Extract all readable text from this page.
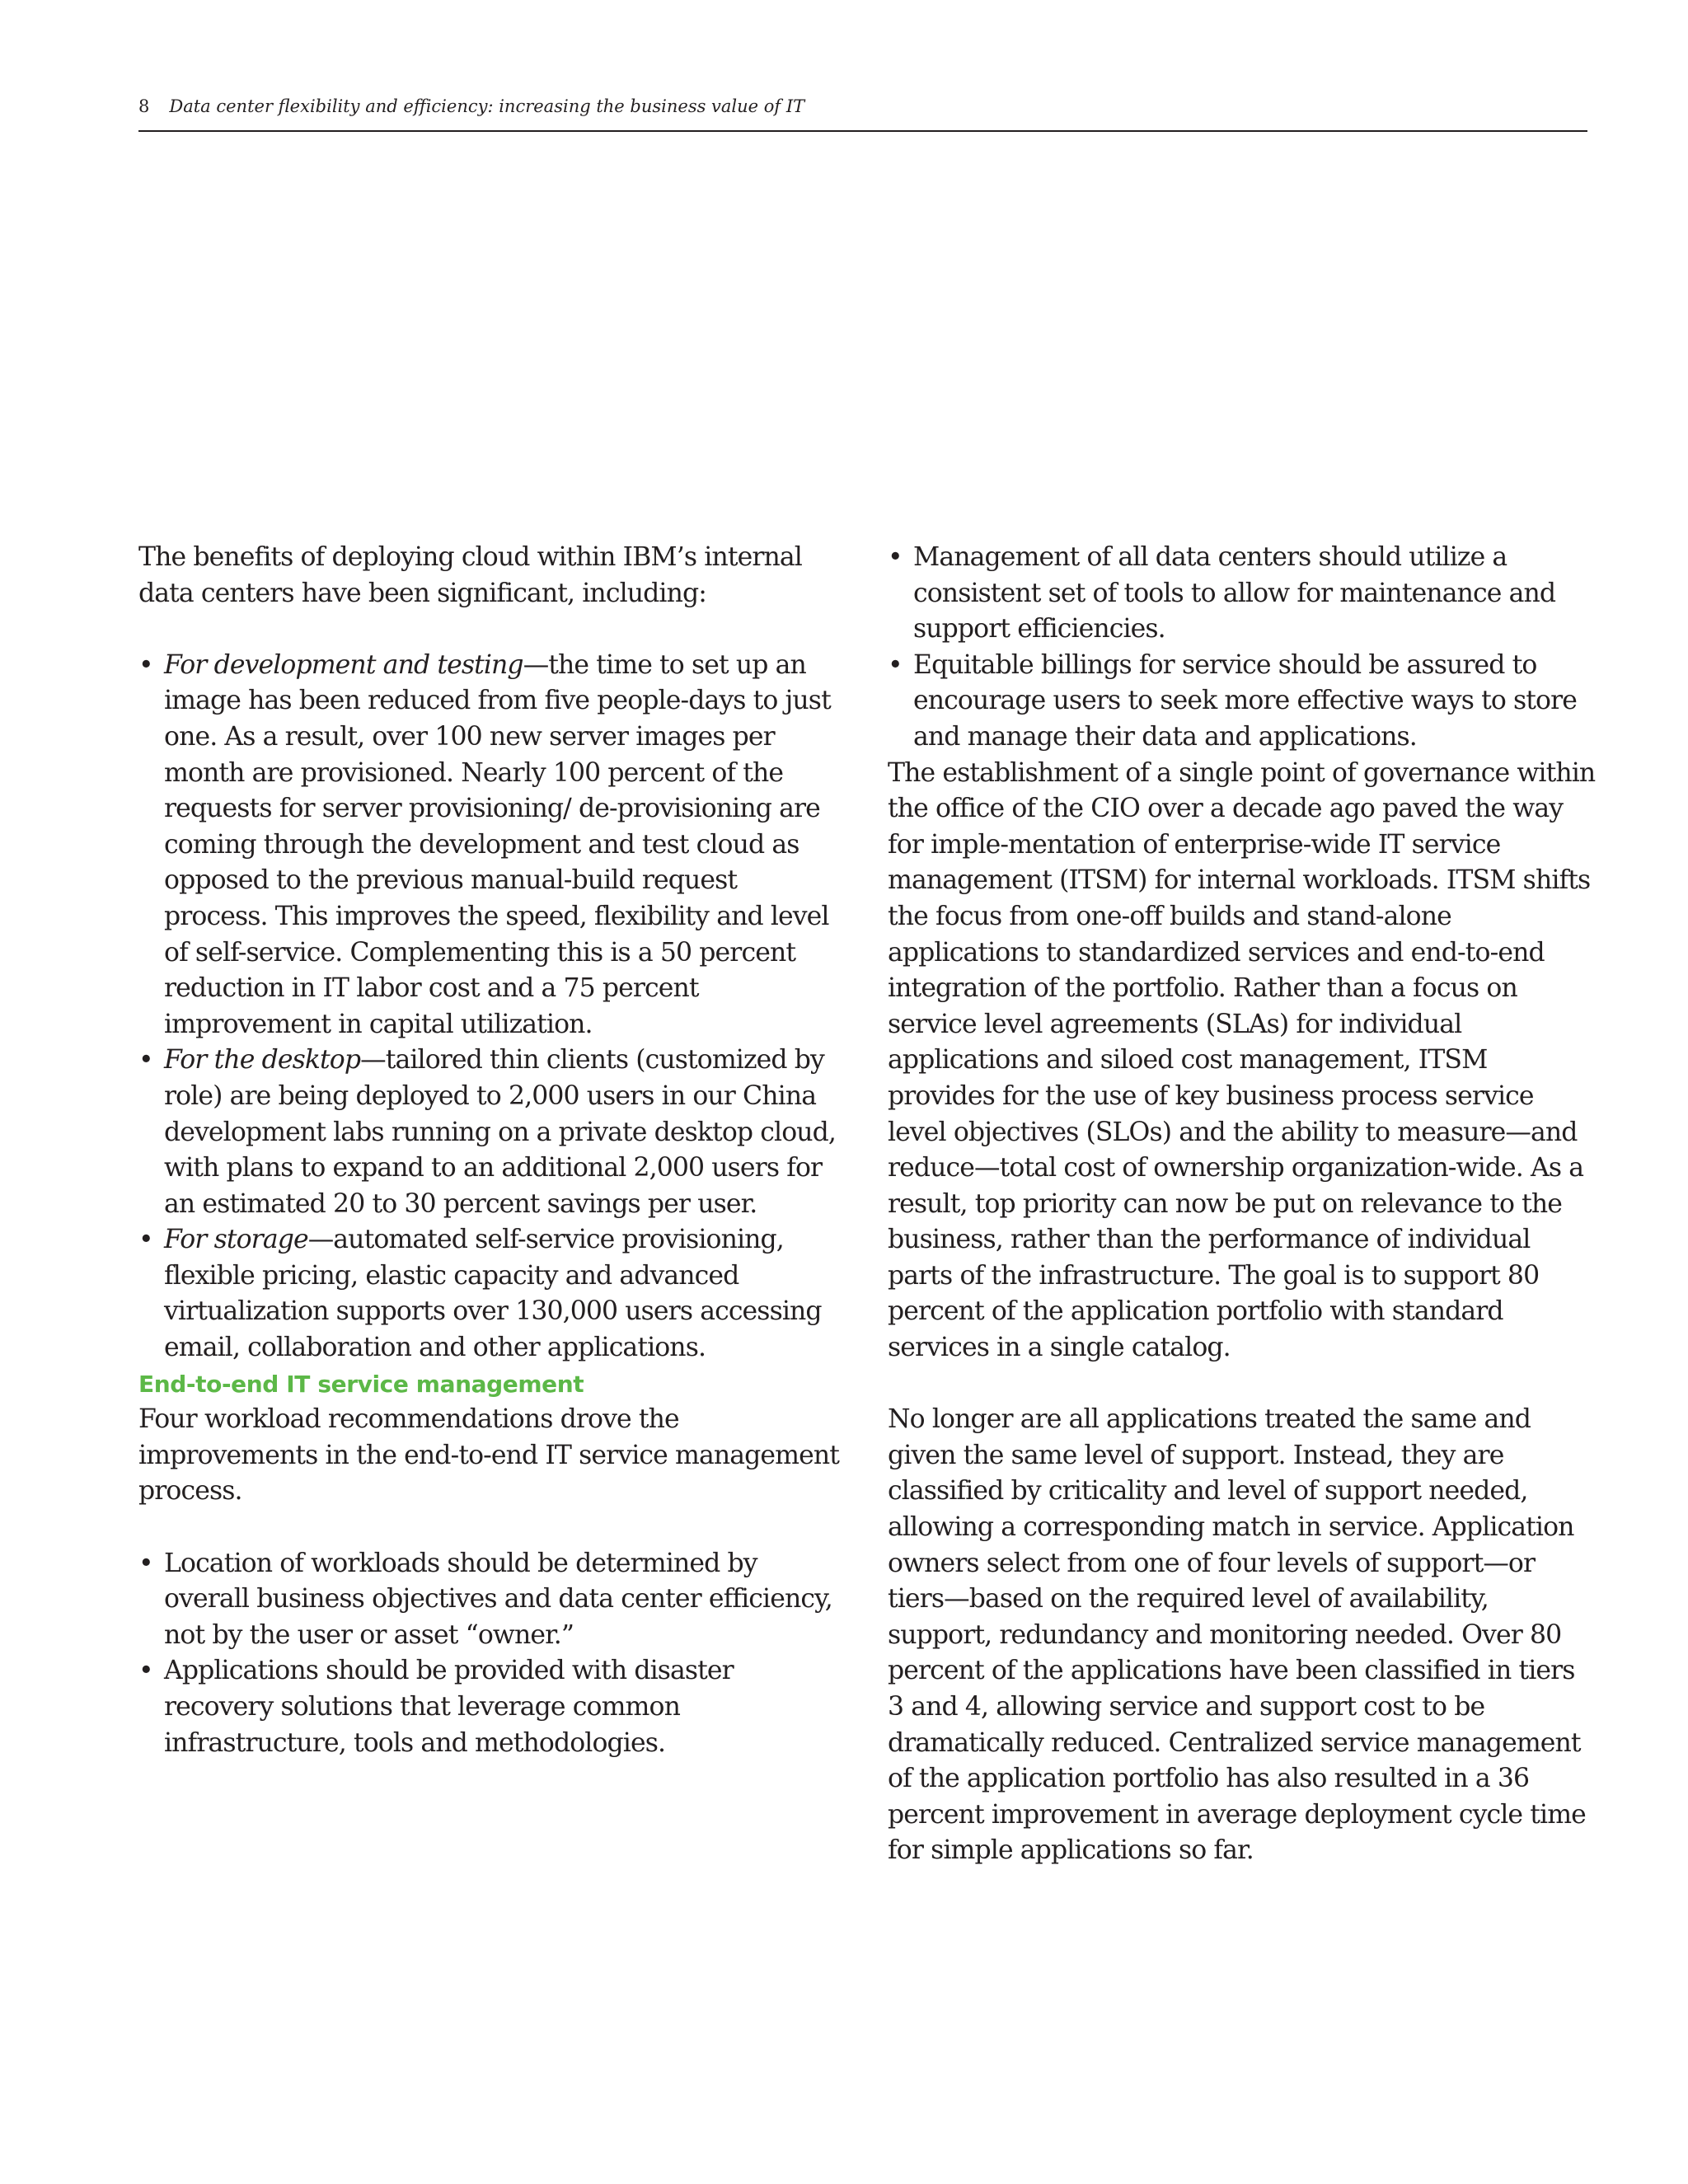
8 Data center flexibility and efficiency: increasing the business value of IT

The benefits of deploying cloud within IBM’s internal data centers have been significant, including:

• For development and testing—the time to set up an image has been reduced from five people-days to just one. As a result, over 100 new server images per month are provisioned. Nearly 100 percent of the requests for server provisioning/ de-provisioning are coming through the development and test cloud as opposed to the previous manual-build request process. This improves the speed, flexibility and level of self-service. Complementing this is a 50 percent reduction in IT labor cost and a 75 percent improvement in capital utilization.
• For the desktop—tailored thin clients (customized by role) are being deployed to 2,000 users in our China development labs running on a private desktop cloud, with plans to expand to an additional 2,000 users for an estimated 20 to 30 percent savings per user.
• For storage—automated self-service provisioning, flexible pricing, elastic capacity and advanced virtualization supports over 130,000 users accessing email, collaboration and other applications.
End-to-end IT service management

Four workload recommendations drove the improvements in the end-to-end IT service management process.

• Location of workloads should be determined by overall business objectives and data center efficiency, not by the user or asset “owner.”
• Applications should be provided with disaster recovery solutions that leverage common infrastructure, tools and methodologies.
• Management of all data centers should utilize a consistent set of tools to allow for maintenance and support efficiencies.
• Equitable billings for service should be assured to encourage users to seek more effective ways to store and manage their data and applications.

The establishment of a single point of governance within the office of the CIO over a decade ago paved the way for imple-mentation of enterprise-wide IT service management (ITSM) for internal workloads. ITSM shifts the focus from one-off builds and stand-alone applications to standardized services and end-to-end integration of the portfolio. Rather than a focus on service level agreements (SLAs) for individual applications and siloed cost management, ITSM provides for the use of key business process service level objectives (SLOs) and the ability to measure—and reduce—total cost of ownership organization-wide. As a result, top priority can now be put on relevance to the business, rather than the performance of individual parts of the infrastructure. The goal is to support 80 percent of the application portfolio with standard services in a single catalog.

No longer are all applications treated the same and given the same level of support. Instead, they are classified by criticality and level of support needed, allowing a corresponding match in service. Application owners select from one of four levels of support—or tiers—based on the required level of availability, support, redundancy and monitoring needed. Over 80 percent of the applications have been classified in tiers 3 and 4, allowing service and support cost to be dramatically reduced. Centralized service management of the application portfolio has also resulted in a 36 percent improvement in average deployment cycle time for simple applications so far.
